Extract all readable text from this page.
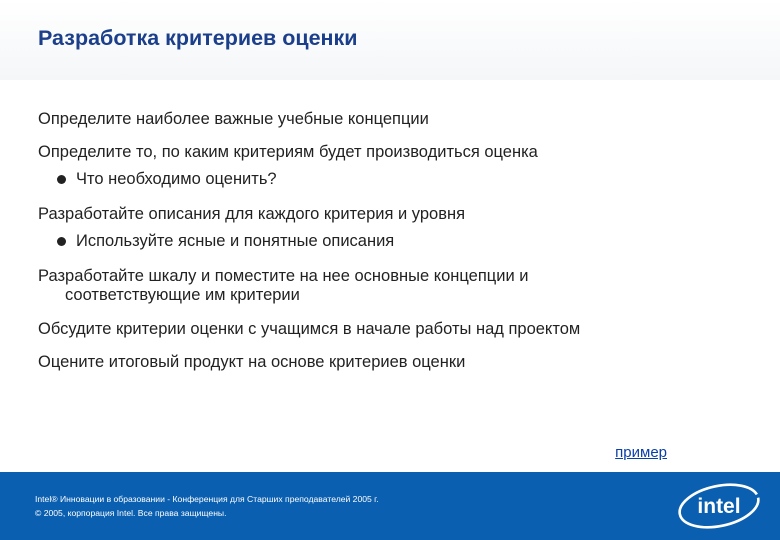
Разработка критериев оценки
Определите наиболее важные учебные концепции
Определите то, по каким критериям будет производиться оценка
Что необходимо оценить?
Разработайте описания для каждого критерия и уровня
Используйте ясные и понятные описания
Разработайте шкалу и поместите на нее основные концепции и
соответствующие им критерии
Обсудите критерии оценки с учащимся в начале работы над проектом
Оцените итоговый продукт на основе критериев оценки
пример
Intel® Инновации в образовании - Конференция для Старших преподавателей 2005 г.
© 2005, корпорация Intel. Все права защищены.	intel
